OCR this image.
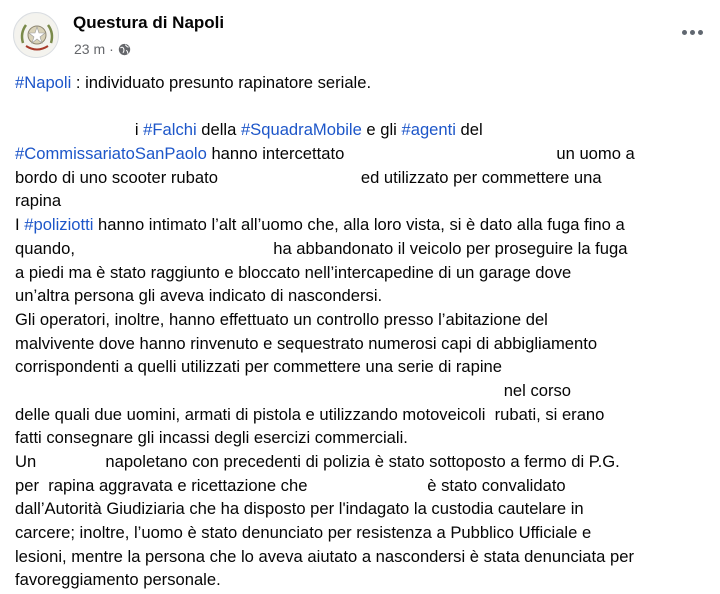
Questura di Napoli
23 m ·
#Napoli : individuato presunto rapinatore seriale.
i #Falchi della #SquadraMobile e gli #agenti del
#CommissariatoSanPaolo hanno intercettato                                              un uomo a
bordo di uno scooter rubato                               ed utilizzato per commettere una
rapina
I #poliziotti hanno intimato l’alt all’uomo che, alla loro vista, si è dato alla fuga fino a
quando,                                           ha abbandonato il veicolo per proseguire la fuga
a piedi ma è stato raggiunto e bloccato nell’intercapedine di un garage dove
un’altra persona gli aveva indicato di nascondersi.
Gli operatori, inoltre, hanno effettuato un controllo presso l’abitazione del
malvivente dove hanno rinvenuto e sequestrato numerosi capi di abbigliamento
corrispondenti a quelli utilizzati per commettere una serie di rapine
nel corso
delle quali due uomini, armati di pistola e utilizzando motoveicoli  rubati, si erano
fatti consegnare gli incassi degli esercizi commerciali.
Un               napoletano con precedenti di polizia è stato sottoposto a fermo di P.G.
per  rapina aggravata e ricettazione che                          è stato convalidato
dall’Autorità Giudiziaria che ha disposto per l'indagato la custodia cautelare in
carcere; inoltre, l’uomo è stato denunciato per resistenza a Pubblico Ufficiale e
lesioni, mentre la persona che lo aveva aiutato a nascondersi è stata denunciata per
favoreggiamento personale.
